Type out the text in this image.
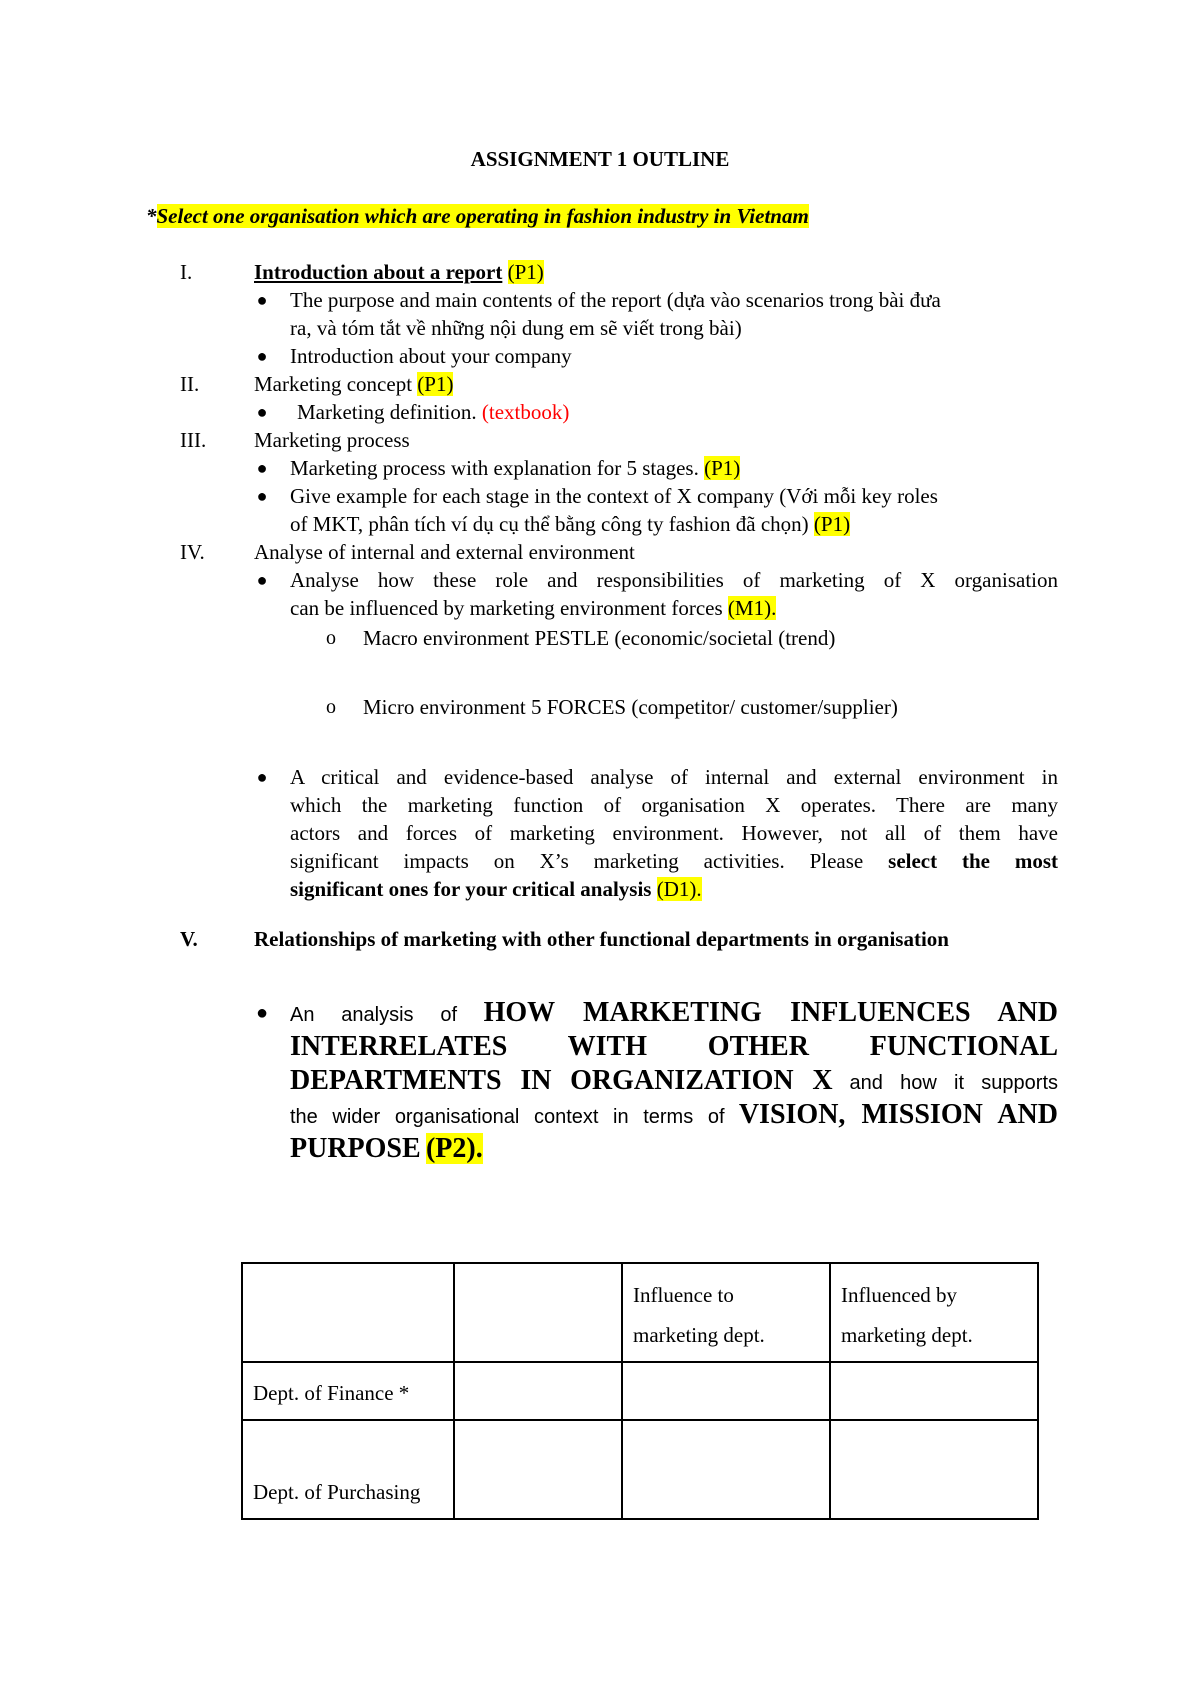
ASSIGNMENT 1 OUTLINE
*Select one organisation which are operating in fashion industry in Vietnam
I.	Introduction about a report (P1)
● The purpose and main contents of the report (dựa vào scenarios trong bài đưa
ra, và tóm tắt về những nội dung em sẽ viết trong bài)
● Introduction about your company
II.	Marketing concept (P1)
● Marketing definition. (textbook)
III. Marketing process
● Marketing process with explanation for 5 stages. (P1)
● Give example for each stage in the context of X company (Với mỗi key roles
of MKT, phân tích ví dụ cụ thể bằng công ty fashion đã chọn) (P1)
IV. Analyse of internal and external environment
● Analyse how these role and responsibilities of marketing of X organisation
can be influenced by marketing environment forces (M1).
o Macro environment PESTLE (economic/societal (trend)
o Micro environment 5 FORCES (competitor/ customer/supplier)
● A critical and evidence-based analyse of internal and external environment in
which the marketing function of organisation X operates. There are many
actors and forces of marketing environment. However, not all of them have
significant impacts on X’s marketing activities. Please select the most
significant ones for your critical analysis (D1).
V.	Relationships of marketing with other functional departments in organisation
● An analysis of HOW MARKETING INFLUENCES AND
INTERRELATES WITH OTHER FUNCTIONAL
DEPARTMENTS IN ORGANIZATION X and how it supports
the wider organisational context in terms of VISION, MISSION AND
PURPOSE (P2).
		Influence to marketing dept.	Influenced by marketing dept.
Dept. of Finance *			
Dept. of Purchasing			
